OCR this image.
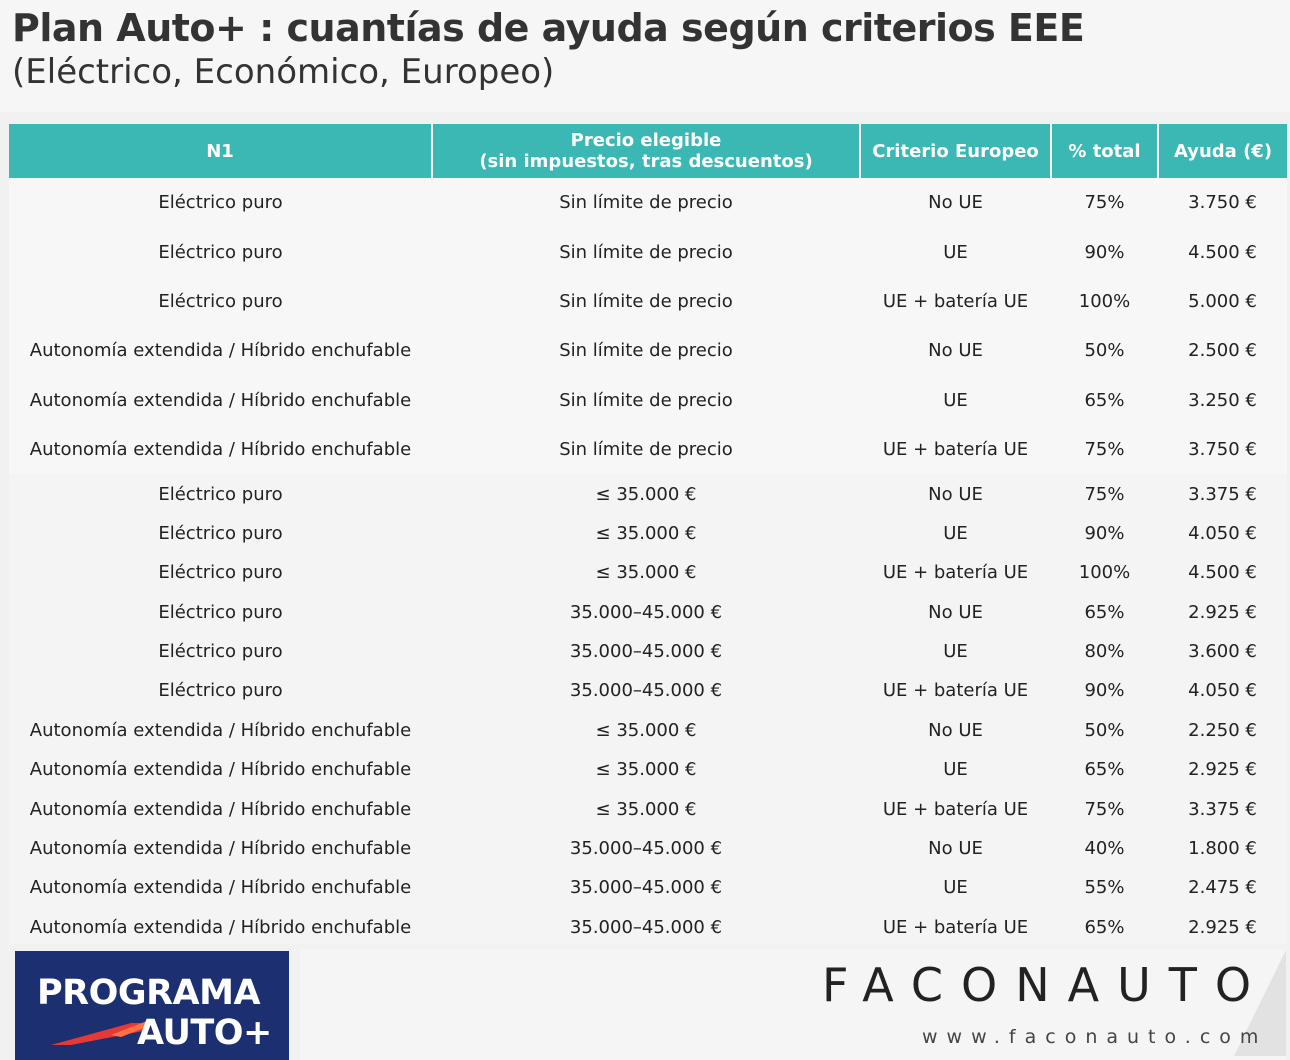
Plan Auto+ : cuantías de ayuda según criterios EEE
(Eléctrico, Económico, Europeo)
N1	Precio elegible
(sin impuestos, tras descuentos)	Criterio Europeo	% total	Ayuda (€)
Eléctrico puro	Sin límite de precio	No UE	75%	3.750 €
Eléctrico puro	Sin límite de precio	UE	90%	4.500 €
Eléctrico puro	Sin límite de precio	UE + batería UE	100%	5.000 €
Autonomía extendida / Híbrido enchufable	Sin límite de precio	No UE	50%	2.500 €
Autonomía extendida / Híbrido enchufable	Sin límite de precio	UE	65%	3.250 €
Autonomía extendida / Híbrido enchufable	Sin límite de precio	UE + batería UE	75%	3.750 €
Eléctrico puro	≤ 35.000 €	No UE	75%	3.375 €
Eléctrico puro	≤ 35.000 €	UE	90%	4.050 €
Eléctrico puro	≤ 35.000 €	UE + batería UE	100%	4.500 €
Eléctrico puro	35.000–45.000 €	No UE	65%	2.925 €
Eléctrico puro	35.000–45.000 €	UE	80%	3.600 €
Eléctrico puro	35.000–45.000 €	UE + batería UE	90%	4.050 €
Autonomía extendida / Híbrido enchufable	≤ 35.000 €	No UE	50%	2.250 €
Autonomía extendida / Híbrido enchufable	≤ 35.000 €	UE	65%	2.925 €
Autonomía extendida / Híbrido enchufable	≤ 35.000 €	UE + batería UE	75%	3.375 €
Autonomía extendida / Híbrido enchufable	35.000–45.000 €	No UE	40%	1.800 €
Autonomía extendida / Híbrido enchufable	35.000–45.000 €	UE	55%	2.475 €
Autonomía extendida / Híbrido enchufable	35.000–45.000 €	UE + batería UE	65%	2.925 €
PROGRAMA
AUTO+
FACONAUTO
www.faconauto.com
